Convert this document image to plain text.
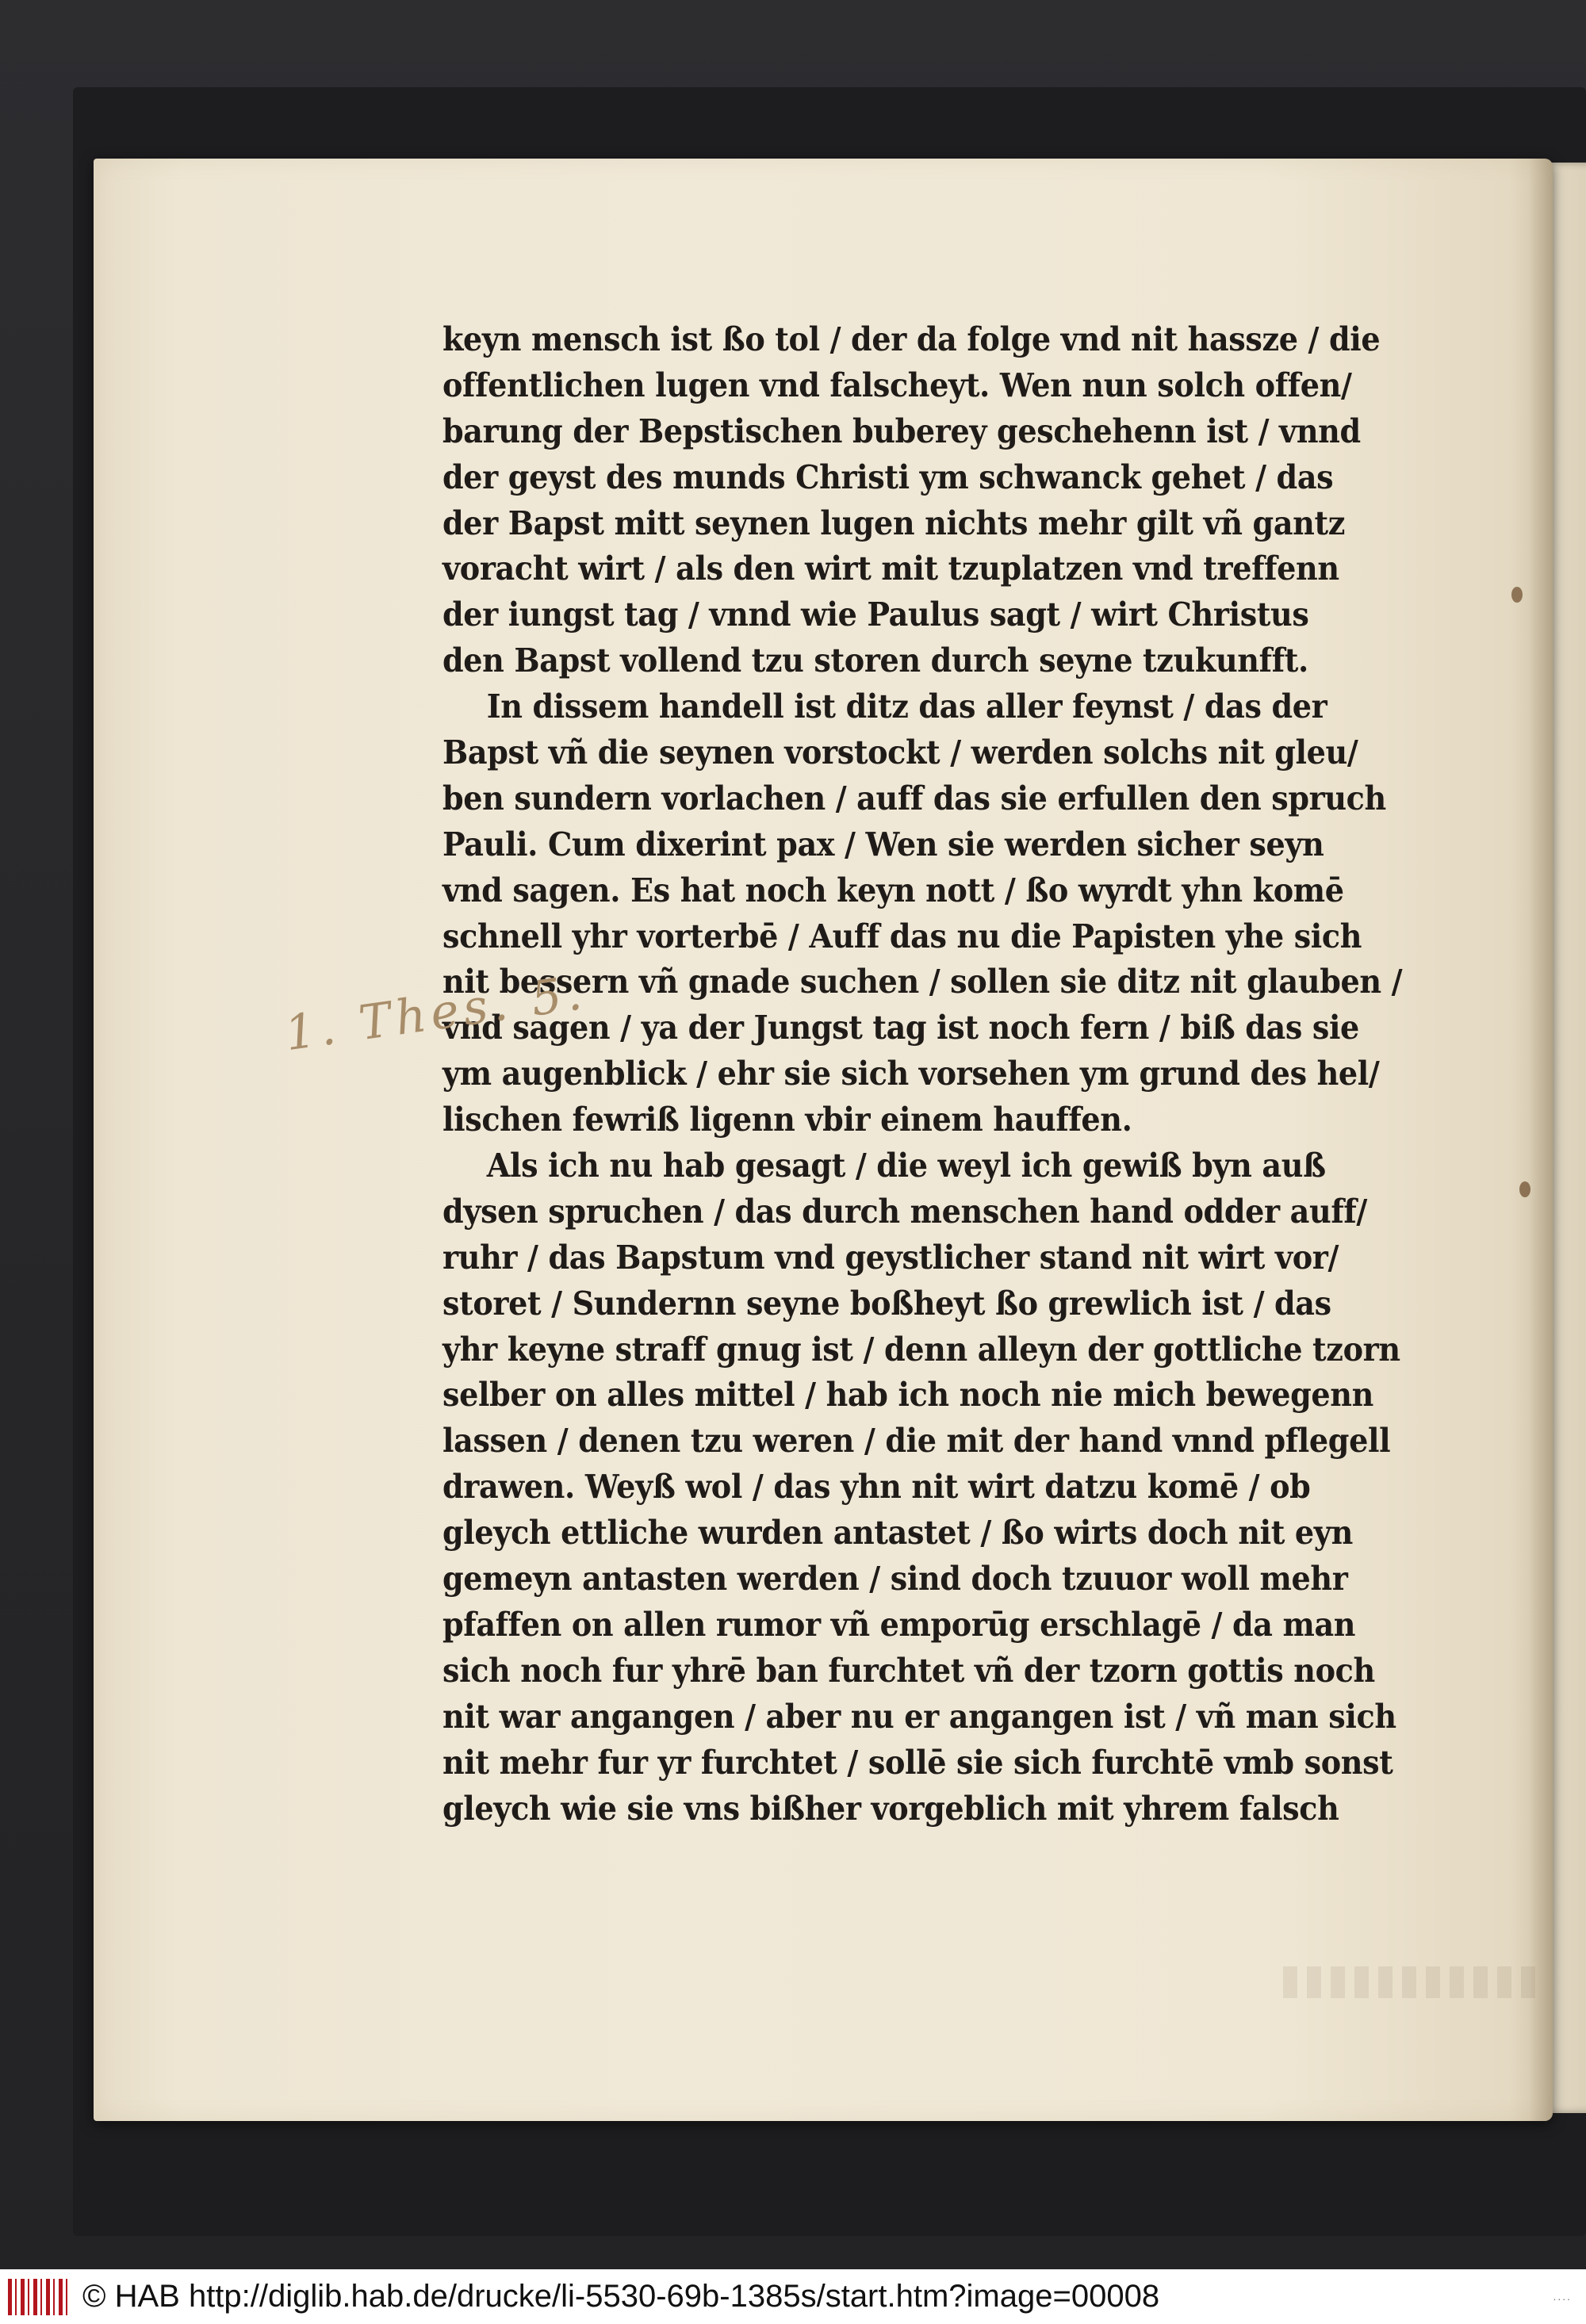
keyn mensch ist ßo tol / der da folge vnd nit hassze / die
offentlichen lugen vnd falscheyt. Wen nun solch offen/
barung der Bepstischen buberey geschehenn ist / vnnd
der geyst des munds Christi ym schwanck gehet / das
der Bapst mitt seynen lugen nichts mehr gilt vñ gantz
voracht wirt / als den wirt mit tzuplatzen vnd treffenn
der iungst tag / vnnd wie Paulus sagt / wirt Christus
den Bapst vollend tzu storen durch seyne tzukunfft.
In dissem handell ist ditz das aller feynst / das der
Bapst vñ die seynen vorstockt / werden solchs nit gleu/
ben sundern vorlachen / auff das sie erfullen den spruch
Pauli. Cum dixerint pax / Wen sie werden sicher seyn
vnd sagen. Es hat noch keyn nott / ßo wyrdt yhn komē
schnell yhr vorterbē / Auff das nu die Papisten yhe sich
nit bessern vñ gnade suchen / sollen sie ditz nit glauben /
vnd sagen / ya der Jungst tag ist noch fern / biß das sie
ym augenblick / ehr sie sich vorsehen ym grund des hel/
lischen fewriß ligenn vbir einem hauffen.
Als ich nu hab gesagt / die weyl ich gewiß byn auß
dysen spruchen / das durch menschen hand odder auff/
ruhr / das Bapstum vnd geystlicher stand nit wirt vor/
storet / Sundernn seyne boßheyt ßo grewlich ist / das
yhr keyne straff gnug ist / denn alleyn der gottliche tzorn
selber on alles mittel / hab ich noch nie mich bewegenn
lassen / denen tzu weren / die mit der hand vnnd pflegell
drawen. Weyß wol / das yhn nit wirt datzu komē / ob
gleych ettliche wurden antastet / ßo wirts doch nit eyn
gemeyn antasten werden / sind doch tzuuor woll mehr
pfaffen on allen rumor vñ emporūg erschlagē / da man
sich noch fur yhrē ban furchtet vñ der tzorn gottis noch
nit war angangen / aber nu er angangen ist / vñ man sich
nit mehr fur yr furchtet / sollē sie sich furchtē vmb sonst
gleych wie sie vns bißher vorgeblich mit yhrem falsch
1. Thes. 5.
© HAB http://diglib.hab.de/drucke/li-5530-69b-1385s/start.htm?image=00008	....
